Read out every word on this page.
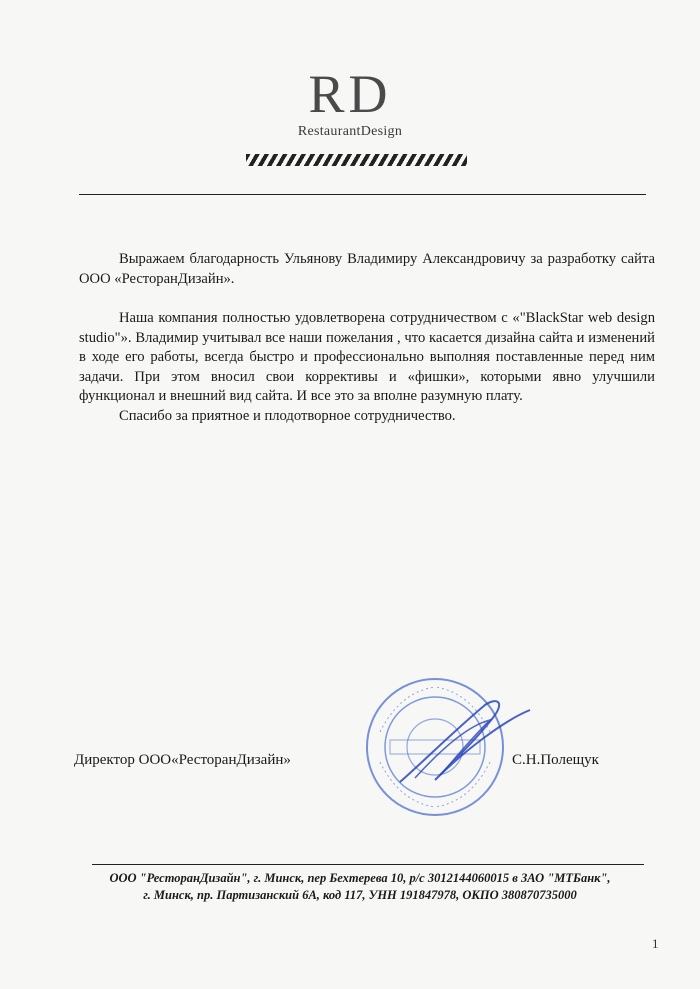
RD
RestaurantDesign

Выражаем благодарность Ульянову Владимиру Александровичу за разработку сайта ООО «РесторанДизайн».

Наша компания полностью удовлетворена сотрудничеством с «"BlackStar web design studio"». Владимир учитывал все наши пожелания , что касается дизайна сайта и изменений в ходе его работы, всегда быстро и профессионально выполняя поставленные перед ним задачи. При этом вносил свои коррективы и «фишки», которыми явно улучшили функционал и внешний вид сайта. И все это за вполне разумную плату.

Спасибо за приятное и плодотворное сотрудничество.

Директор ООО«РесторанДизайн»	С.Н.Полещук
ООО "РесторанДизайн", г. Минск, пер Бехтерева 10, р/с 3012144060015 в ЗАО "МТБанк",
г. Минск, пр. Партизанский 6А, код 117, УНН 191847978, ОКПО 380870735000
1
